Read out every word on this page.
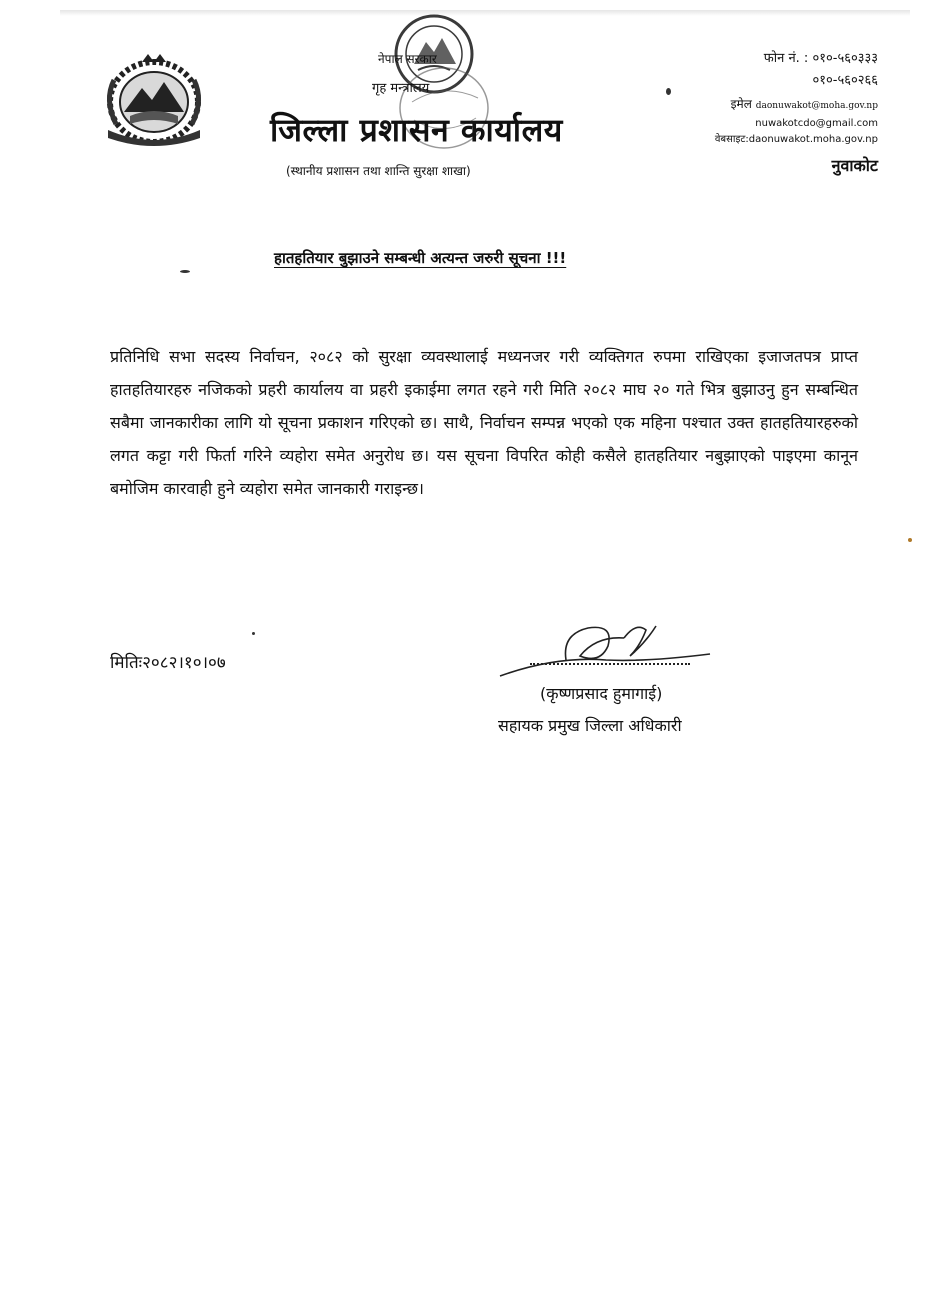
नेपाल सरकार
गृह मन्त्रालय
जिल्ला प्रशासन कार्यालय
(स्थानीय प्रशासन तथा शान्ति सुरक्षा शाखा)
फोन नं. : ०१०-५६०३३३
०१०-५६०२६६
इमेल daonuwakot@moha.gov.np
nuwakotcdo@gmail.com
वेबसाइट:daonuwakot.moha.gov.np
नुवाकोट
हातहतियार बुझाउने सम्बन्धी अत्यन्त जरुरी सूचना !!!
प्रतिनिधि सभा सदस्य निर्वाचन, २०८२ को सुरक्षा व्यवस्थालाई मध्यनजर गरी व्यक्तिगत रुपमा राखिएका इजाजतपत्र प्राप्त हातहतियारहरु नजिकको प्रहरी कार्यालय वा प्रहरी इकाईमा लगत रहने गरी मिति २०८२ माघ २० गते भित्र बुझाउनु हुन सम्बन्धित सबैमा जानकारीका लागि यो सूचना प्रकाशन गरिएको छ। साथै, निर्वाचन सम्पन्न भएको एक महिना पश्चात उक्त हातहतियारहरुको लगत कट्टा गरी फिर्ता गरिने व्यहोरा समेत अनुरोध छ। यस सूचना विपरित कोही कसैले हातहतियार नबुझाएको पाइएमा कानून बमोजिम कारवाही हुने व्यहोरा समेत जानकारी गराइन्छ।
मितिः२०८२।१०।०७
(कृष्णप्रसाद हुमागाई)
सहायक प्रमुख जिल्ला अधिकारी
